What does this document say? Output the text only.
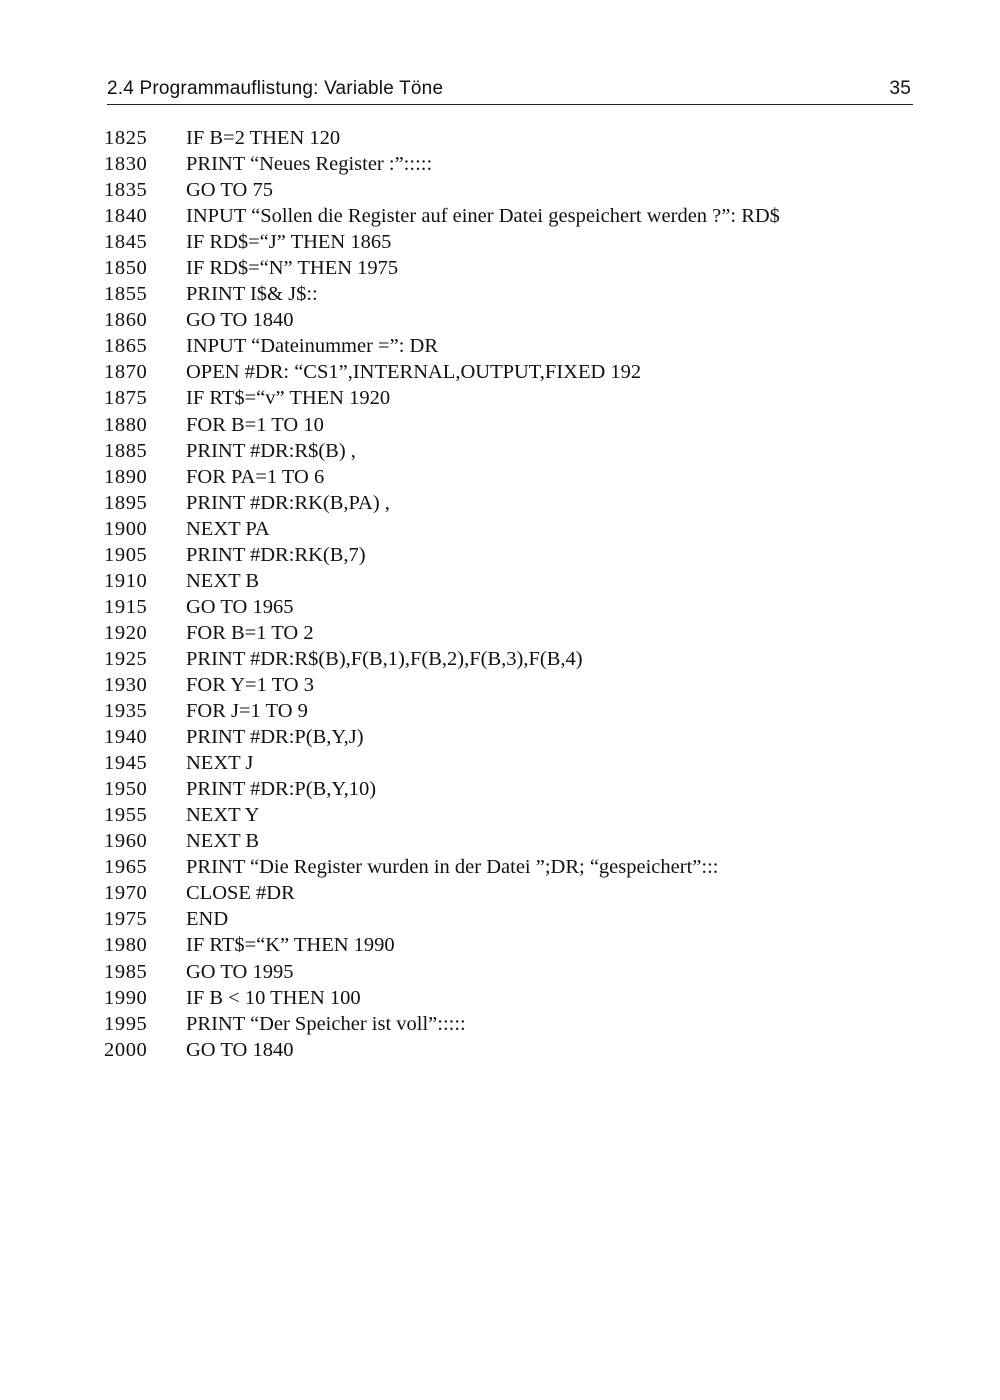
2.4 Programmauflistung: Variable Töne	35
1825	IF B=2 THEN 120
1830	PRINT “Neues Register :”:::::
1835	GO TO 75
1840	INPUT “Sollen die Register auf einer Datei gespeichert werden ?”: RD$
1845	IF RD$=“J” THEN 1865
1850	IF RD$=“N” THEN 1975
1855	PRINT I$& J$::
1860	GO TO 1840
1865	INPUT “Dateinummer =”: DR
1870	OPEN #DR: “CS1”,INTERNAL,OUTPUT,FIXED 192
1875	IF RT$=“v” THEN 1920
1880	FOR B=1 TO 10
1885	PRINT #DR:R$(B) ,
1890	FOR PA=1 TO 6
1895	PRINT #DR:RK(B,PA) ,
1900	NEXT PA
1905	PRINT #DR:RK(B,7)
1910	NEXT B
1915	GO TO 1965
1920	FOR B=1 TO 2
1925	PRINT #DR:R$(B),F(B,1),F(B,2),F(B,3),F(B,4)
1930	FOR Y=1 TO 3
1935	FOR J=1 TO 9
1940	PRINT #DR:P(B,Y,J)
1945	NEXT J
1950	PRINT #DR:P(B,Y,10)
1955	NEXT Y
1960	NEXT B
1965	PRINT “Die Register wurden in der Datei ”;DR; “gespeichert”:::
1970	CLOSE #DR
1975	END
1980	IF RT$=“K” THEN 1990
1985	GO TO 1995
1990	IF B < 10 THEN 100
1995	PRINT “Der Speicher ist voll”:::::
2000	GO TO 1840
